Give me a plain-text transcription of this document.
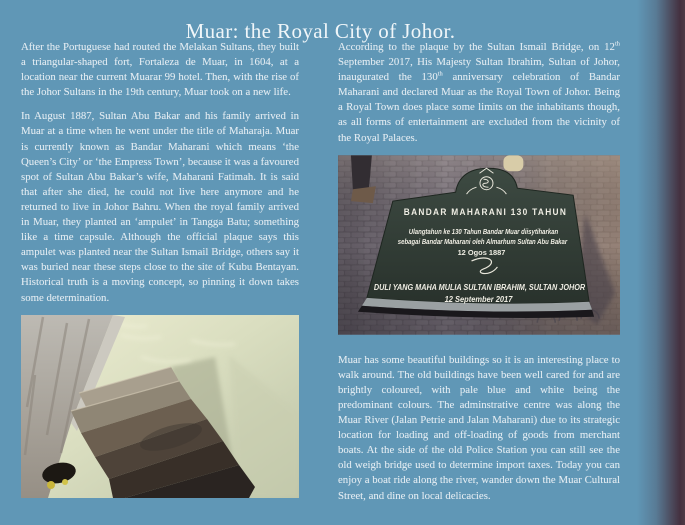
Muar: the Royal City of Johor.

After the Portuguese had routed the Melakan Sultans, they built a triangular-shaped fort, Fortaleza de Muar, in 1604, at a location near the current Muarar 99 hotel. Then, with the rise of the Johor Sultans in the 19th century, Muar took on a new life.

In August 1887, Sultan Abu Bakar and his family arrived in Muar at a time when he went under the title of Maharaja. Muar is currently known as Bandar Maharani which means ‘the Queen’s City’ or ‘the Empress Town’, because it was a favoured spot of Sultan Abu Bakar’s wife, Maharani Fatimah. It is said that after she died, he could not live here anymore and he returned to live in Johor Bahru. When the royal family arrived in Muar, they planted an ‘ampulet’ in Tangga Batu; something like a time capsule. Although the official plaque says this ampulet was planted near the Sultan Ismail Bridge, others say it was buried near these steps close to the site of Kubu Bentayan. Historical truth is a moving concept, so pinning it down takes some determination.

According to the plaque by the Sultan Ismail Bridge, on 12th September 2017, His Majesty Sultan Ibrahim, Sultan of Johor, inaugurated the 130th anniversary celebration of Bandar Maharani and declared Muar as the Royal Town of Johor. Being a Royal Town does place some limits on the inhabitants though, as all forms of entertainment are excluded from the vicinity of the Royal Palaces.

BANDAR MAHARANI 130 TAHUN
Ulangtahun ke 130 Tahun Bandar Muar diisytiharkan
sebagai Bandar Maharani oleh Almarhum Sultan Abu Bakar
12 Ogos 1887
DULI YANG MAHA MULIA SULTAN IBRAHIM, SULTAN JOHOR
12 September 2017

Muar has some beautiful buildings so it is an interesting place to walk around. The old buildings have been well cared for and are brightly coloured, with pale blue and white being the predominant colours. The adminstrative centre was along the Muar River (Jalan Petrie and Jalan Maharani) due to its strategic location for loading and off-loading of goods from merchant boats. At the side of the old Police Station you can still see the old weigh bridge used to determine import taxes. Today you can enjoy a boat ride along the river, wander down the Muar Cultural Street, and dine on local delicacies.
